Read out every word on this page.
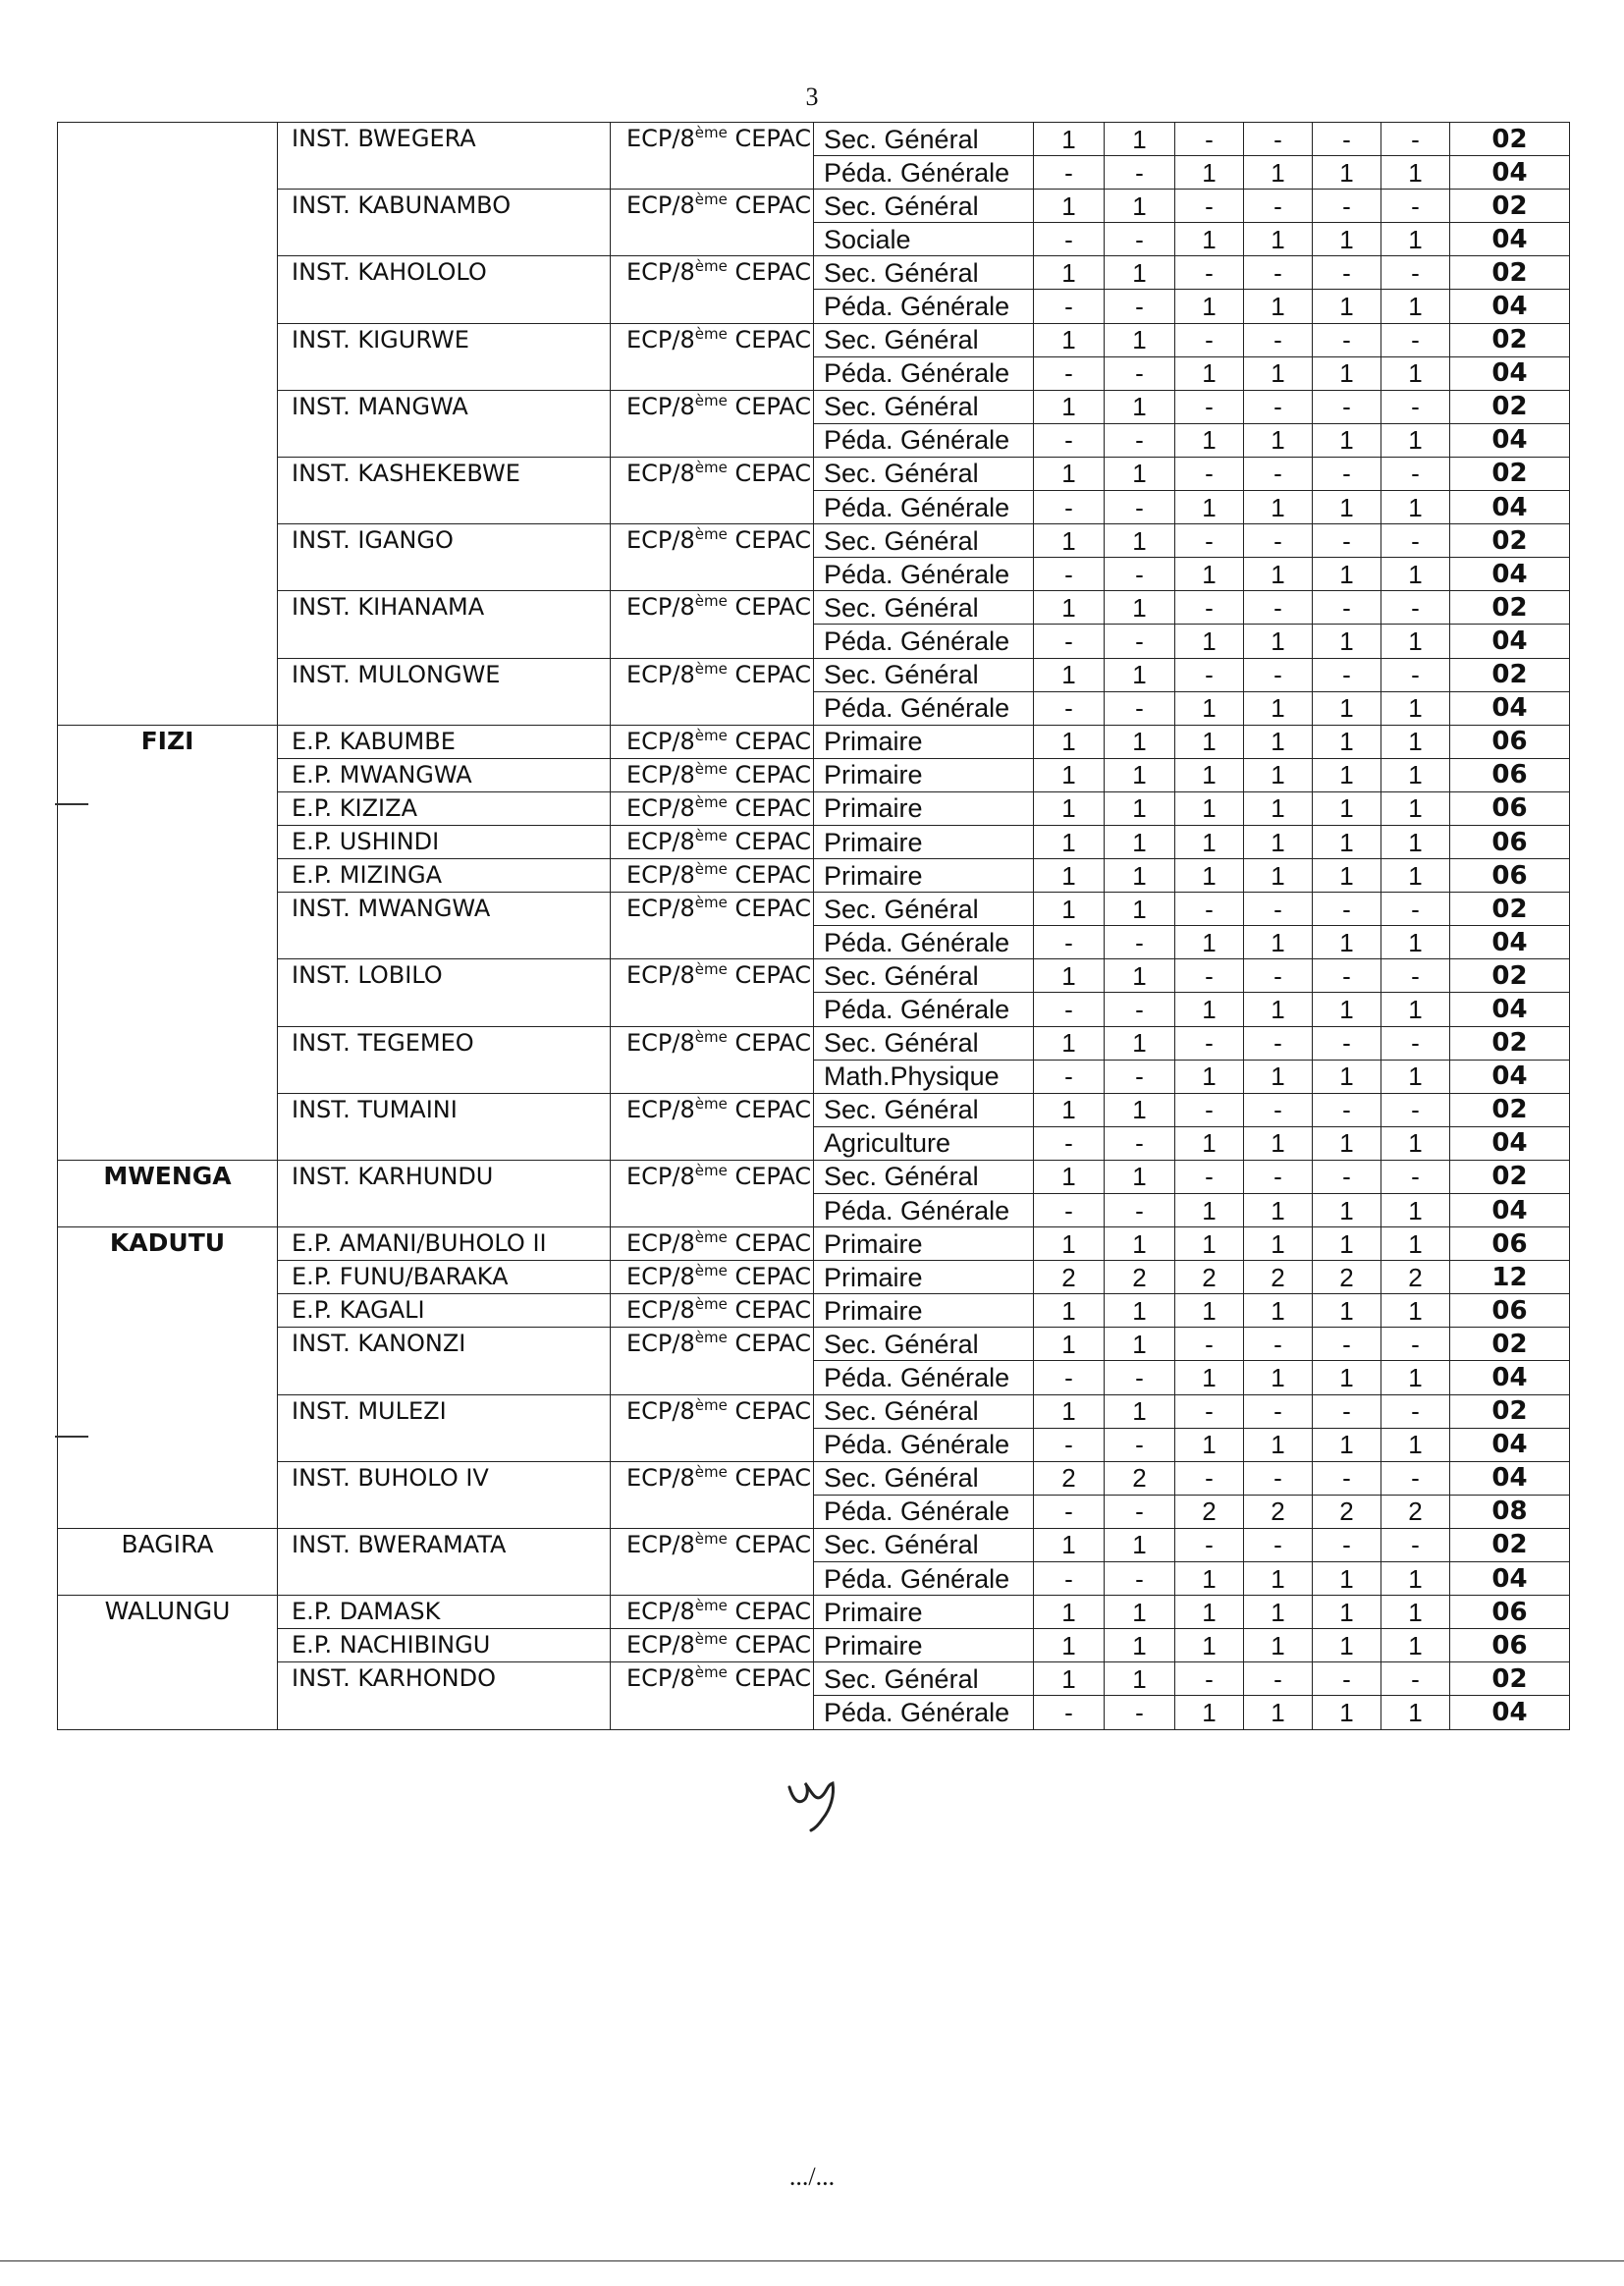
3
	INST. BWEGERA	ECP/8ème CEPAC	Sec. Général	1	1	-	-	-	-	02
			Péda. Générale	-	-	1	1	1	1	04
	INST. KABUNAMBO	ECP/8ème CEPAC	Sec. Général	1	1	-	-	-	-	02
			Sociale	-	-	1	1	1	1	04
	INST. KAHOLOLO	ECP/8ème CEPAC	Sec. Général	1	1	-	-	-	-	02
			Péda. Générale	-	-	1	1	1	1	04
	INST. KIGURWE	ECP/8ème CEPAC	Sec. Général	1	1	-	-	-	-	02
			Péda. Générale	-	-	1	1	1	1	04
	INST. MANGWA	ECP/8ème CEPAC	Sec. Général	1	1	-	-	-	-	02
			Péda. Générale	-	-	1	1	1	1	04
	INST. KASHEKEBWE	ECP/8ème CEPAC	Sec. Général	1	1	-	-	-	-	02
			Péda. Générale	-	-	1	1	1	1	04
	INST. IGANGO	ECP/8ème CEPAC	Sec. Général	1	1	-	-	-	-	02
			Péda. Générale	-	-	1	1	1	1	04
	INST. KIHANAMA	ECP/8ème CEPAC	Sec. Général	1	1	-	-	-	-	02
			Péda. Générale	-	-	1	1	1	1	04
	INST. MULONGWE	ECP/8ème CEPAC	Sec. Général	1	1	-	-	-	-	02
			Péda. Générale	-	-	1	1	1	1	04
FIZI	E.P. KABUMBE	ECP/8ème CEPAC	Primaire	1	1	1	1	1	1	06
	E.P. MWANGWA	ECP/8ème CEPAC	Primaire	1	1	1	1	1	1	06
	E.P. KIZIZA	ECP/8ème CEPAC	Primaire	1	1	1	1	1	1	06
	E.P. USHINDI	ECP/8ème CEPAC	Primaire	1	1	1	1	1	1	06
	E.P. MIZINGA	ECP/8ème CEPAC	Primaire	1	1	1	1	1	1	06
	INST. MWANGWA	ECP/8ème CEPAC	Sec. Général	1	1	-	-	-	-	02
			Péda. Générale	-	-	1	1	1	1	04
	INST. LOBILO	ECP/8ème CEPAC	Sec. Général	1	1	-	-	-	-	02
			Péda. Générale	-	-	1	1	1	1	04
	INST. TEGEMEO	ECP/8ème CEPAC	Sec. Général	1	1	-	-	-	-	02
			Math.Physique	-	-	1	1	1	1	04
	INST. TUMAINI	ECP/8ème CEPAC	Sec. Général	1	1	-	-	-	-	02
			Agriculture	-	-	1	1	1	1	04
MWENGA	INST. KARHUNDU	ECP/8ème CEPAC	Sec. Général	1	1	-	-	-	-	02
			Péda. Générale	-	-	1	1	1	1	04
KADUTU	E.P. AMANI/BUHOLO II	ECP/8ème CEPAC	Primaire	1	1	1	1	1	1	06
	E.P. FUNU/BARAKA	ECP/8ème CEPAC	Primaire	2	2	2	2	2	2	12
	E.P. KAGALI	ECP/8ème CEPAC	Primaire	1	1	1	1	1	1	06
	INST. KANONZI	ECP/8ème CEPAC	Sec. Général	1	1	-	-	-	-	02
			Péda. Générale	-	-	1	1	1	1	04
	INST. MULEZI	ECP/8ème CEPAC	Sec. Général	1	1	-	-	-	-	02
			Péda. Générale	-	-	1	1	1	1	04
	INST. BUHOLO IV	ECP/8ème CEPAC	Sec. Général	2	2	-	-	-	-	04
			Péda. Générale	-	-	2	2	2	2	08
BAGIRA	INST. BWERAMATA	ECP/8ème CEPAC	Sec. Général	1	1	-	-	-	-	02
			Péda. Générale	-	-	1	1	1	1	04
WALUNGU	E.P. DAMASK	ECP/8ème CEPAC	Primaire	1	1	1	1	1	1	06
	E.P. NACHIBINGU	ECP/8ème CEPAC	Primaire	1	1	1	1	1	1	06
	INST. KARHONDO	ECP/8ème CEPAC	Sec. Général	1	1	-	-	-	-	02
			Péda. Générale	-	-	1	1	1	1	04
.../...
